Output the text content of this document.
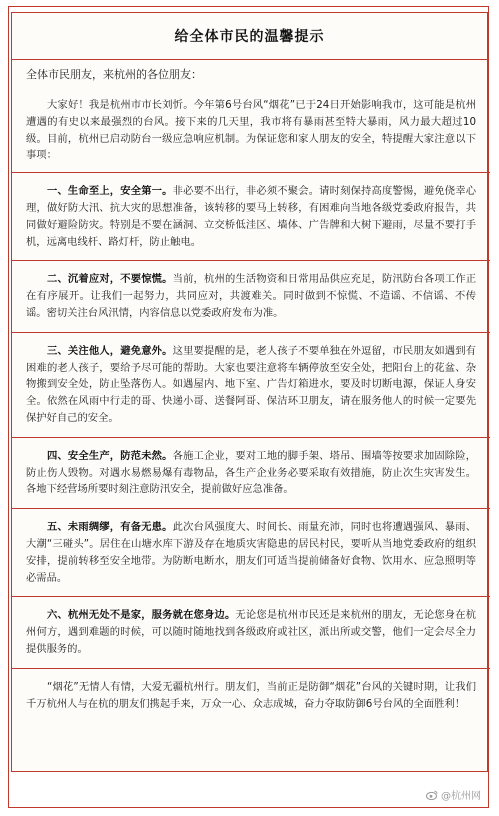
给全体市民的温馨提示

全体市民朋友，来杭州的各位朋友：

大家好！我是杭州市市长刘忻。今年第6号台风“烟花”已于24日开始影响我市，这可能是杭州遭遇的有史以来最强烈的台风。接下来的几天里，我市将有暴雨甚至特大暴雨，风力最大超过10级。目前，杭州已启动防台一级应急响应机制。为保证您和家人朋友的安全，特提醒大家注意以下事项：

一、生命至上，安全第一。非必要不出行，非必须不聚会。请时刻保持高度警惕，避免侥幸心理，做好防大汛、抗大灾的思想准备，该转移的要马上转移，有困难向当地各级党委政府报告，共同做好避险防灾。特别是不要在涵洞、立交桥低洼区、墙体、广告牌和大树下避雨，尽量不要打手机，远离电线杆、路灯杆，防止触电。

二、沉着应对，不要惊慌。当前，杭州的生活物资和日常用品供应充足，防汛防台各项工作正在有序展开。让我们一起努力，共同应对，共渡难关。同时做到不惊慌、不造谣、不信谣、不传谣。密切关注台风汛情，内容信息以党委政府发布为准。

三、关注他人，避免意外。这里要提醒的是，老人孩子不要单独在外逗留，市民朋友如遇到有困难的老人孩子，要给予尽可能的帮助。大家也要注意将车辆停放至安全处，把阳台上的花盆、杂物搬到安全处，防止坠落伤人。如遇屋内、地下室、广告灯箱进水，要及时切断电源，保证人身安全。依然在风雨中行走的哥、快递小哥、送餐阿哥、保洁环卫朋友，请在服务他人的时候一定要先保护好自己的安全。

四、安全生产，防范未然。各施工企业，要对工地的脚手架、塔吊、围墙等按要求加固除险，防止伤人毁物。对遇水易燃易爆有毒物品，各生产企业务必要采取有效措施，防止次生灾害发生。各地下经营场所要时刻注意防汛安全，提前做好应急准备。

五、未雨绸缪，有备无患。此次台风强度大、时间长、雨量充沛，同时也将遭遇强风、暴雨、大潮“三碰头”。居住在山塘水库下游及存在地质灾害隐患的居民村民，要听从当地党委政府的组织安排，提前转移至安全地带。为防断电断水，朋友们可适当提前储备好食物、饮用水、应急照明等必需品。

六、杭州无处不是家，服务就在您身边。无论您是杭州市民还是来杭州的朋友，无论您身在杭州何方，遇到难题的时候，可以随时随地找到各级政府或社区，派出所或交警，他们一定会尽全力提供服务的。

“烟花”无情人有情，大爱无疆杭州行。朋友们，当前正是防御“烟花”台风的关键时期，让我们千万杭州人与在杭的朋友们携起手来，万众一心、众志成城，奋力夺取防御6号台风的全面胜利！

@杭州网
